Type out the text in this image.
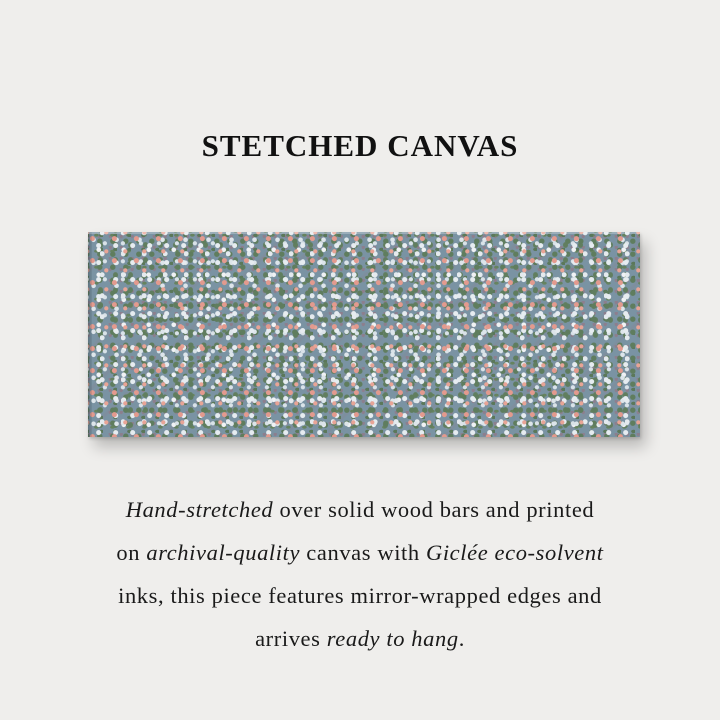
STETCHED CANVAS

Hand-stretched over solid wood bars and printed
on archival-quality canvas with Giclée eco-solvent
inks, this piece features mirror-wrapped edges and
arrives ready to hang.
